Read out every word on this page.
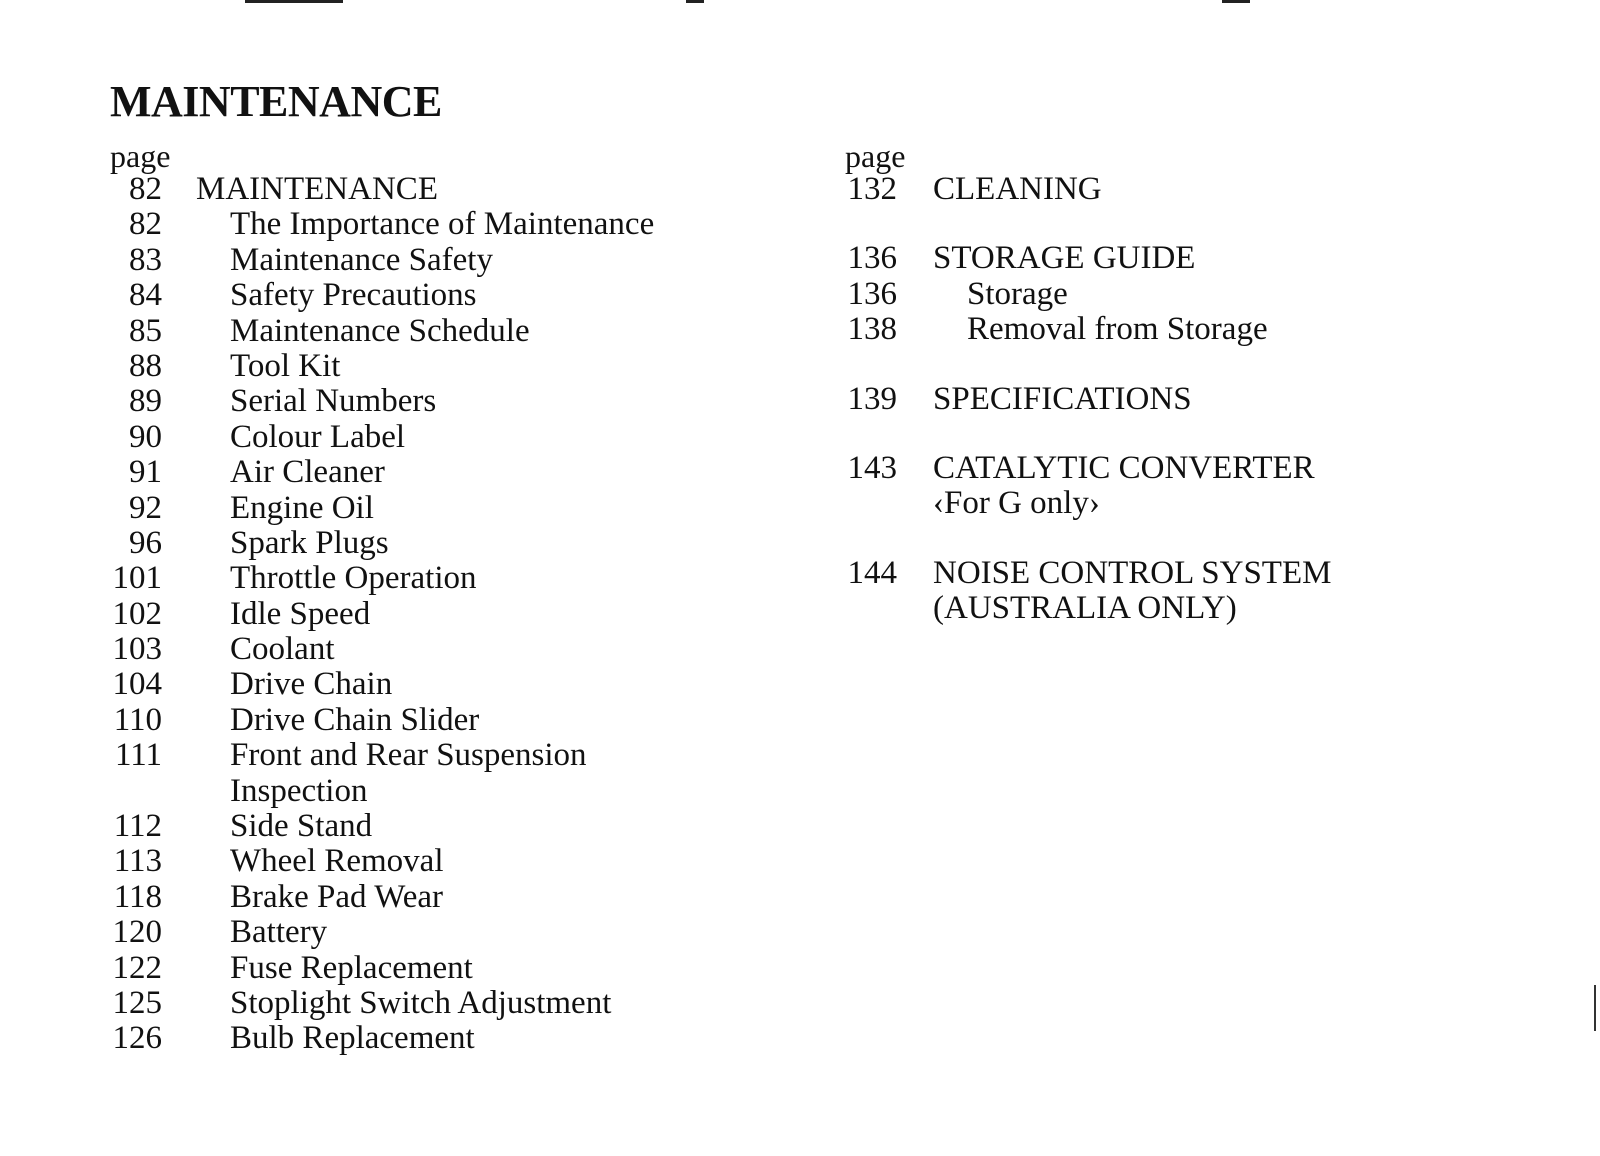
MAINTENANCE
page
82 MAINTENANCE
82 The Importance of Maintenance
83 Maintenance Safety
84 Safety Precautions
85 Maintenance Schedule
88 Tool Kit
89 Serial Numbers
90 Colour Label
91 Air Cleaner
92 Engine Oil
96 Spark Plugs
101 Throttle Operation
102 Idle Speed
103 Coolant
104 Drive Chain
110 Drive Chain Slider
111 Front and Rear Suspension
Inspection
112 Side Stand
113 Wheel Removal
118 Brake Pad Wear
120 Battery
122 Fuse Replacement
125 Stoplight Switch Adjustment
126 Bulb Replacement
page
132 CLEANING
136 STORAGE GUIDE
136 Storage
138 Removal from Storage
139 SPECIFICATIONS
143 CATALYTIC CONVERTER
‹For G only›
144 NOISE CONTROL SYSTEM
(AUSTRALIA ONLY)
